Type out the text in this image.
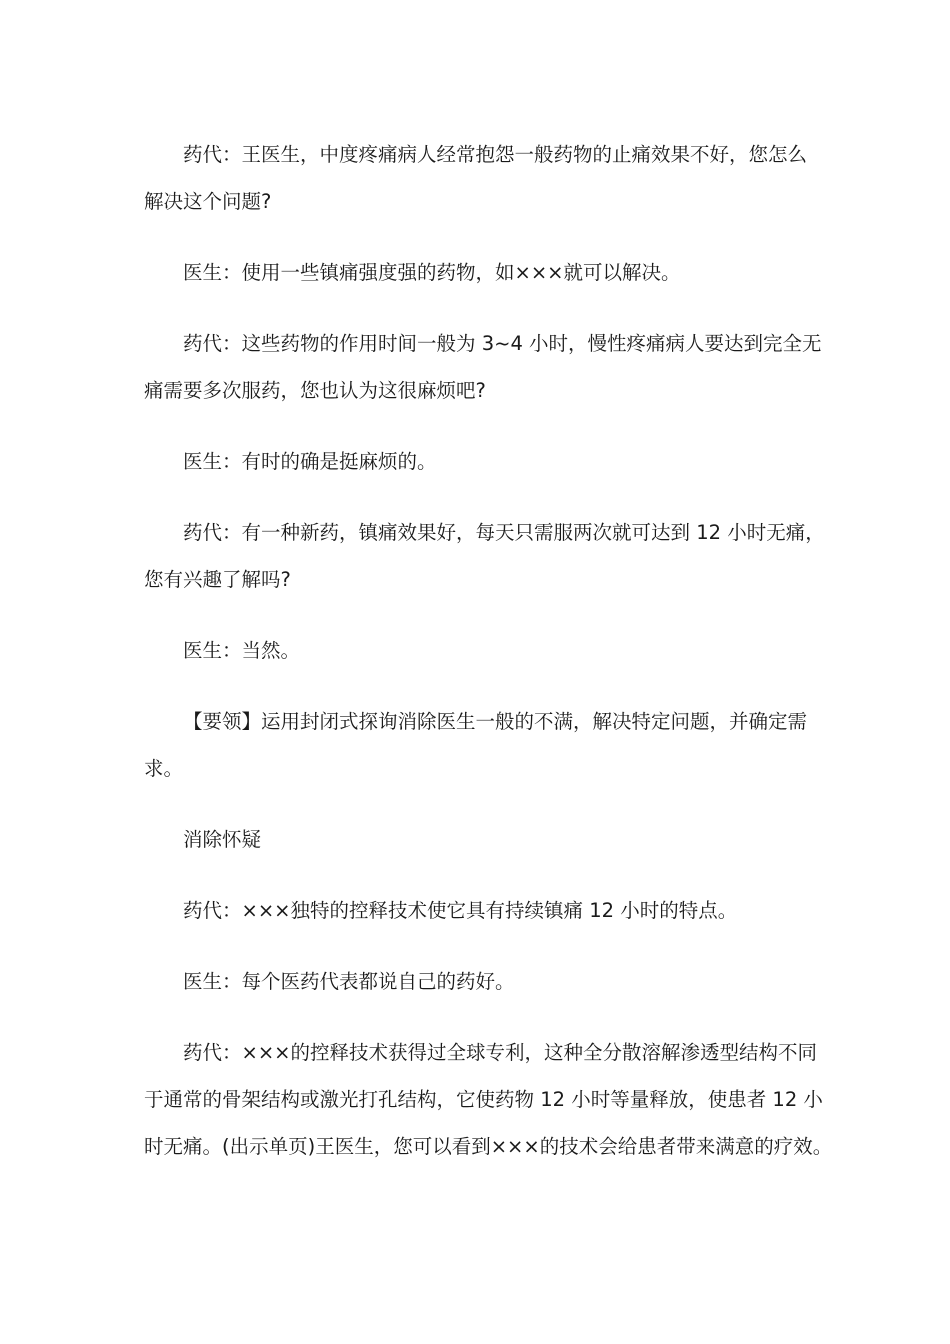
药代：王医生，中度疼痛病人经常抱怨一般药物的止痛效果不好，您怎么
解决这个问题?

医生：使用一些镇痛强度强的药物，如×××就可以解决。

药代：这些药物的作用时间一般为 3~4 小时，慢性疼痛病人要达到完全无
痛需要多次服药，您也认为这很麻烦吧?

医生：有时的确是挺麻烦的。

药代：有一种新药，镇痛效果好，每天只需服两次就可达到 12 小时无痛，
您有兴趣了解吗?

医生：当然。

【要领】运用封闭式探询消除医生一般的不满，解决特定问题，并确定需
求。

消除怀疑

药代：×××独特的控释技术使它具有持续镇痛 12 小时的特点。

医生：每个医药代表都说自己的药好。

药代：×××的控释技术获得过全球专利，这种全分散溶解渗透型结构不同
于通常的骨架结构或激光打孔结构，它使药物 12 小时等量释放，使患者 12 小
时无痛。(出示单页)王医生，您可以看到×××的技术会给患者带来满意的疗效。
